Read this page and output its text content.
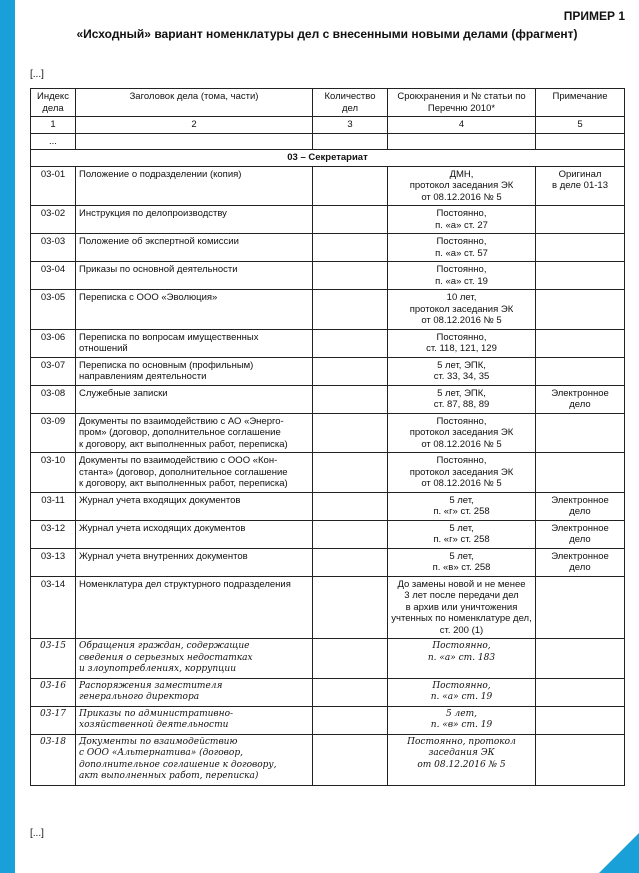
ПРИМЕР 1
«Исходный» вариант номенклатуры дел с внесенными новыми делами (фрагмент)
[...]
Индекс дела	Заголовок дела (тома, части)	Количество дел	Срокхранения и № статьи по Перечню 2010*	Примечание
1	2	3	4	5
...				
03 – Секретариат				
03-01	Положение о подразделении (копия)		ДМН,
протокол заседания ЭК
от 08.12.2016 № 5	Оригинал
в деле 01-13
03-02	Инструкция по делопроизводству		Постоянно,
п. «а» ст. 27	
03-03	Положение об экспертной комиссии		Постоянно,
п. «а» ст. 57	
03-04	Приказы по основной деятельности		Постоянно,
п. «а» ст. 19	
03-05	Переписка с ООО «Эволюция»		10 лет,
протокол заседания ЭК
от 08.12.2016 № 5	
03-06	Переписка по вопросам имущественных
отношений		Постоянно,
ст. 118, 121, 129	
03-07	Переписка по основным (профильным)
направлениям деятельности		5 лет, ЭПК,
ст. 33, 34, 35	
03-08	Служебные записки		5 лет, ЭПК,
ст. 87, 88, 89	Электронное
дело
03-09	Документы по взаимодействию с АО «Энерго-
пром» (договор, дополнительное соглашение
к договору, акт выполненных работ, переписка)		Постоянно,
протокол заседания ЭК
от 08.12.2016 № 5	
03-10	Документы по взаимодействию с ООО «Кон-
станта» (договор, дополнительное соглашение
к договору, акт выполненных работ, переписка)		Постоянно,
протокол заседания ЭК
от 08.12.2016 № 5	
03-11	Журнал учета входящих документов		5 лет,
п. «г» ст. 258	Электронное
дело
03-12	Журнал учета исходящих документов		5 лет,
п. «г» ст. 258	Электронное
дело
03-13	Журнал учета внутренних документов		5 лет,
п. «в» ст. 258	Электронное
дело
03-14	Номенклатура дел структурного подразделения		До замены новой и не менее
3 лет после передачи дел
в архив или уничтожения
учтенных по номенклатуре дел,
ст. 200 (1)	
03-15	Обращения граждан, содержащие
сведения о серьезных недостатках
и злоупотреблениях, коррупции		Постоянно,
п. «а» ст. 183	
03-16	Распоряжения заместителя
генерального директора		Постоянно,
п. «а» ст. 19	
03-17	Приказы по административно-
хозяйственной деятельности		5 лет,
п. «в» ст. 19	
03-18	Документы по взаимодействию
с ООО «Альтернатива» (договор,
дополнительное соглашение к договору,
акт выполненных работ, переписка)		Постоянно, протокол
заседания ЭК
от 08.12.2016 № 5	
[...]
